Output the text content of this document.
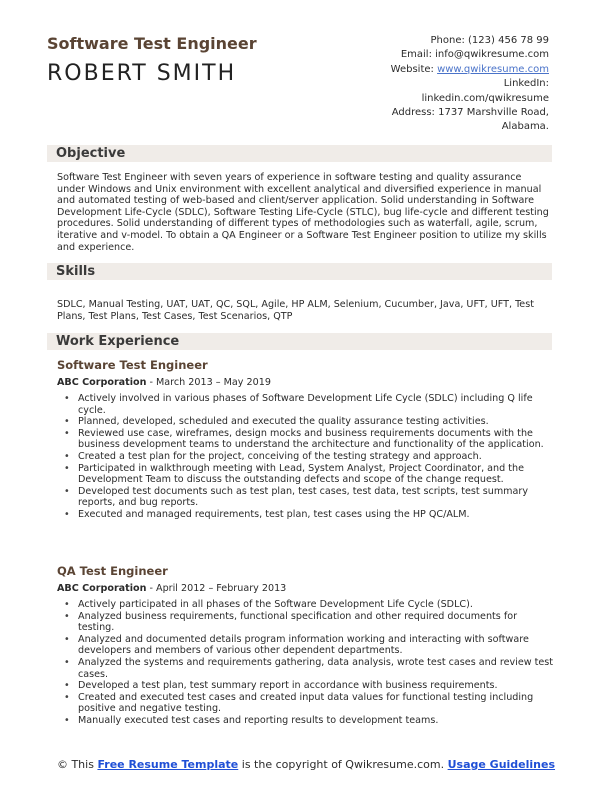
Software Test Engineer
ROBERT SMITH
Phone: (123) 456 78 99
Email: info@qwikresume.com
Website: www.qwikresume.com
LinkedIn:
linkedin.com/qwikresume
Address: 1737 Marshville Road,
Alabama.
Objective
Software Test Engineer with seven years of experience in software testing and quality assurance under Windows and Unix environment with excellent analytical and diversified experience in manual and automated testing of web-based and client/server application. Solid understanding in Software Development Life-Cycle (SDLC), Software Testing Life-Cycle (STLC), bug life-cycle and different testing procedures. Solid understanding of different types of methodologies such as waterfall, agile, scrum, iterative and v-model. To obtain a QA Engineer or a Software Test Engineer position to utilize my skills and experience.
Skills
SDLC, Manual Testing, UAT, UAT, QC, SQL, Agile, HP ALM, Selenium, Cucumber, Java, UFT, UFT, Test Plans, Test Plans, Test Cases, Test Scenarios, QTP
Work Experience
Software Test Engineer
ABC Corporation - March 2013 – May 2019
• Actively involved in various phases of Software Development Life Cycle (SDLC) including Q life cycle.
• Planned, developed, scheduled and executed the quality assurance testing activities.
• Reviewed use case, wireframes, design mocks and business requirements documents with the business development teams to understand the architecture and functionality of the application.
• Created a test plan for the project, conceiving of the testing strategy and approach.
• Participated in walkthrough meeting with Lead, System Analyst, Project Coordinator, and the Development Team to discuss the outstanding defects and scope of the change request.
• Developed test documents such as test plan, test cases, test data, test scripts, test summary reports, and bug reports.
• Executed and managed requirements, test plan, test cases using the HP QC/ALM.
QA Test Engineer
ABC Corporation - April 2012 – February 2013
• Actively participated in all phases of the Software Development Life Cycle (SDLC).
• Analyzed business requirements, functional specification and other required documents for testing.
• Analyzed and documented details program information working and interacting with software developers and members of various other dependent departments.
• Analyzed the systems and requirements gathering, data analysis, wrote test cases and review test cases.
• Developed a test plan, test summary report in accordance with business requirements.
• Created and executed test cases and created input data values for functional testing including positive and negative testing.
• Manually executed test cases and reporting results to development teams.
© This Free Resume Template is the copyright of Qwikresume.com. Usage Guidelines
